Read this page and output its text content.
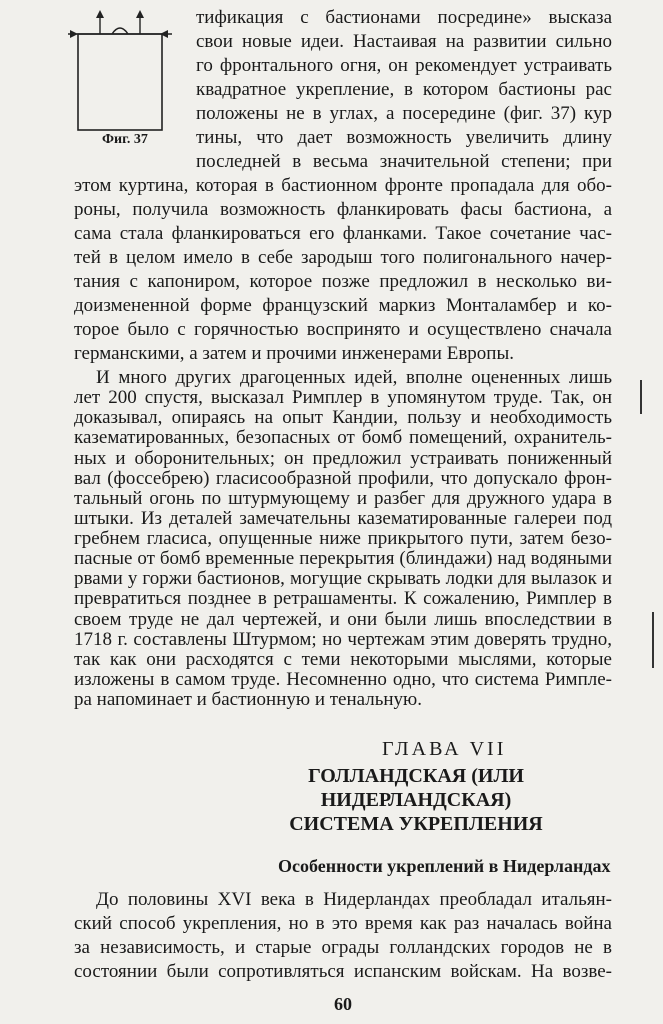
Фиг. 37
тификация с бастионами посредине» высказа
свои новые идеи. Настаивая на развитии сильно
го фронтального огня, он рекомендует устраивать
квадратное укрепление, в котором бастионы рас
положены не в углах, а посередине (фиг. 37) кур
тины, что дает возможность увеличить длину
последней в весьма значительной степени; при
этом куртина, которая в бастионном фронте пропадала для обо-
роны, получила возможность фланкировать фасы бастиона, а
сама стала фланкироваться его фланками. Такое сочетание час-
тей в целом имело в себе зародыш того полигонального начер-
тания с капониром, которое позже предложил в несколько ви-
доизмененной форме французский маркиз Монталамбер и ко-
торое было с горячностью воспринято и осуществлено сначала
германскими, а затем и прочими инженерами Европы.
И много других драгоценных идей, вполне оцененных лишь
лет 200 спустя, высказал Римплер в упомянутом труде. Так, он
доказывал, опираясь на опыт Кандии, пользу и необходимость
казематированных, безопасных от бомб помещений, охранитель-
ных и оборонительных; он предложил устраивать пониженный
вал (фоссебрею) гласисообразной профили, что допускало фрон-
тальный огонь по штурмующему и разбег для дружного удара в
штыки. Из деталей замечательны казематированные галереи под
гребнем гласиса, опущенные ниже прикрытого пути, затем безо-
пасные от бомб временные перекрытия (блиндажи) над водяными
рвами у горжи бастионов, могущие скрывать лодки для вылазок и
превратиться позднее в ретрашаменты. К сожалению, Римплер в
своем труде не дал чертежей, и они были лишь впоследствии в
1718 г. составлены Штурмом; но чертежам этим доверять трудно,
так как они расходятся с теми некоторыми мыслями, которые
изложены в самом труде. Несомненно одно, что система Римпле-
ра напоминает и бастионную и тенальную.
ГЛАВА VII
ГОЛЛАНДСКАЯ (ИЛИ НИДЕРЛАНДСКАЯ)
СИСТЕМА УКРЕПЛЕНИЯ
Особенности укреплений в Нидерландах
До половины XVI века в Нидерландах преобладал итальян-
ский способ укрепления, но в это время как раз началась война
за независимость, и старые ограды голландских городов не в
состоянии были сопротивляться испанским войскам. На возве-
60
